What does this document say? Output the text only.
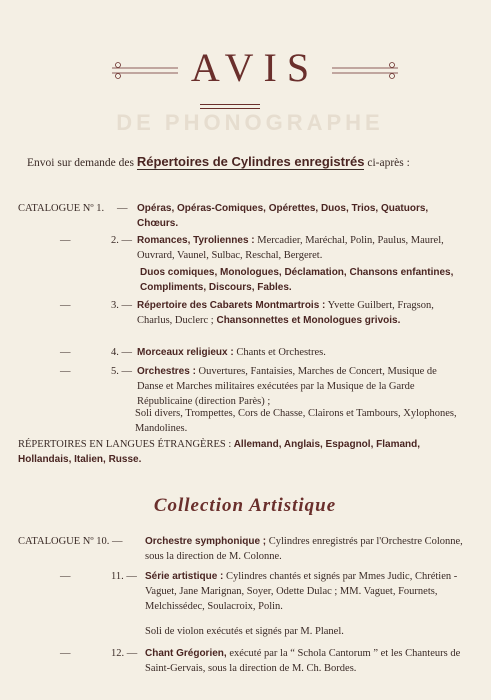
DE PHONOGRAPHE
AVIS
Envoi sur demande des Répertoires de Cylindres enregistrés ci-après :
CATALOGUE Nº 1. — Opéras, Opéras-Comiques, Opérettes, Duos, Trios, Quatuors, Chœurs.
—	2. — Romances, Tyroliennes : Mercadier, Maréchal, Polin, Paulus, Maurel, Ouvrard, Vaunel, Sulbac, Reschal, Bergeret.
Duos comiques, Monologues, Déclamation, Chansons enfantines, Compliments, Discours, Fables.
—	3. — Répertoire des Cabarets Montmartrois : Yvette Guilbert, Fragson, Charlus, Duclerc ; Chansonnettes et Monologues grivois.
—	4. — Morceaux religieux : Chants et Orchestres.
—	5. — Orchestres : Ouvertures, Fantaisies, Marches de Concert, Musique de Danse et Marches militaires exécutées par la Musique de la Garde Républicaine (direction Parès) ;
Soli divers, Trompettes, Cors de Chasse, Clairons et Tambours, Xylophones, Mandolines.
RÉPERTOIRES EN LANGUES ÉTRANGÈRES : Allemand, Anglais, Espagnol, Flamand, Hollandais, Italien, Russe.
Collection Artistique
CATALOGUE Nº 10. — Orchestre symphonique ; Cylindres enregistrés par l'Orchestre Colonne, sous la direction de M. Colonne.
—	11. — Série artistique : Cylindres chantés et signés par Mmes Judic, Chrétien - Vaguet, Jane Marignan, Soyer, Odette Dulac ; MM. Vaguet, Fournets, Melchissédec, Soulacroix, Polin.
Soli de violon exécutés et signés par M. Planel.
—	12. — Chant Grégorien, exécuté par la “ Schola Cantorum ” et les Chanteurs de Saint-Gervais, sous la direction de M. Ch. Bordes.
